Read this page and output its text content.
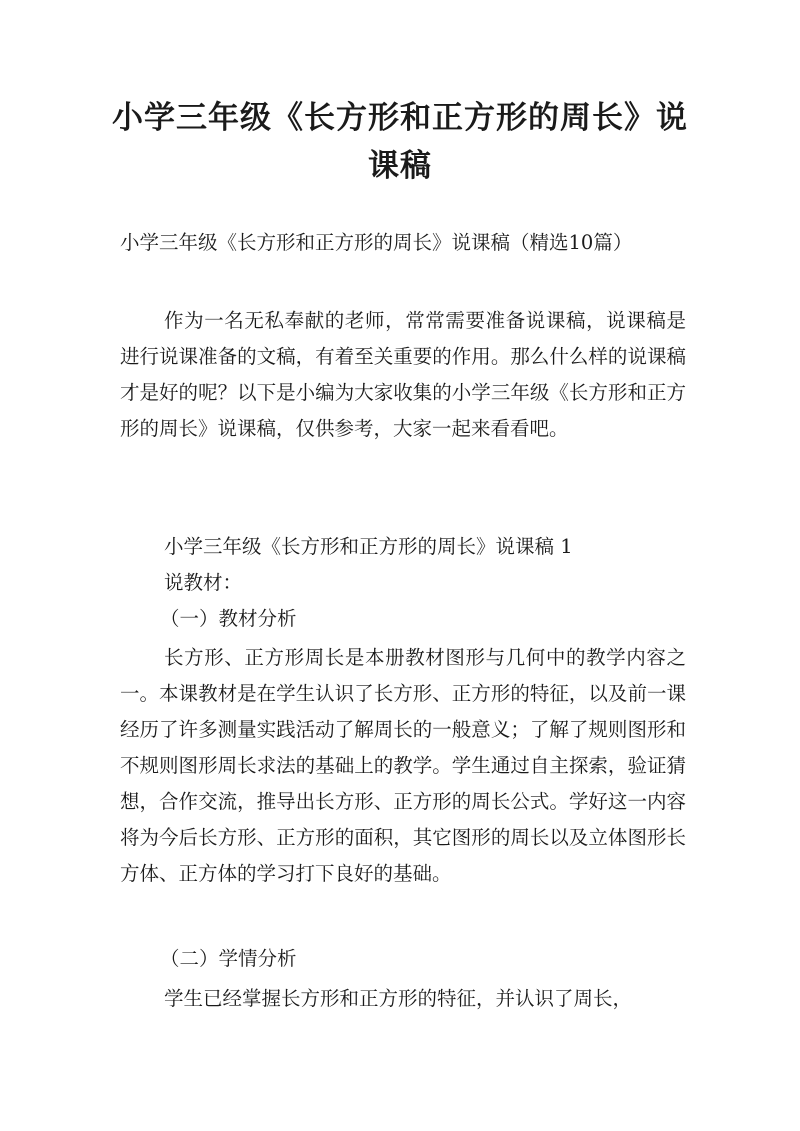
小学三年级《长方形和正方形的周长》说课稿
小学三年级《长方形和正方形的周长》说课稿（精选10篇）

作为一名无私奉献的老师，常常需要准备说课稿，说课稿是进行说课准备的文稿，有着至关重要的作用。那么什么样的说课稿才是好的呢？以下是小编为大家收集的小学三年级《长方形和正方形的周长》说课稿，仅供参考，大家一起来看看吧。

小学三年级《长方形和正方形的周长》说课稿 1
说教材：
（一）教材分析

长方形、正方形周长是本册教材图形与几何中的教学内容之一。本课教材是在学生认识了长方形、正方形的特征，以及前一课经历了许多测量实践活动了解周长的一般意义；了解了规则图形和不规则图形周长求法的基础上的教学。学生通过自主探索，验证猜想，合作交流，推导出长方形、正方形的周长公式。学好这一内容将为今后长方形、正方形的面积，其它图形的周长以及立体图形长方体、正方体的学习打下良好的基础。

（二）学情分析

学生已经掌握长方形和正方形的特征，并认识了周长，
